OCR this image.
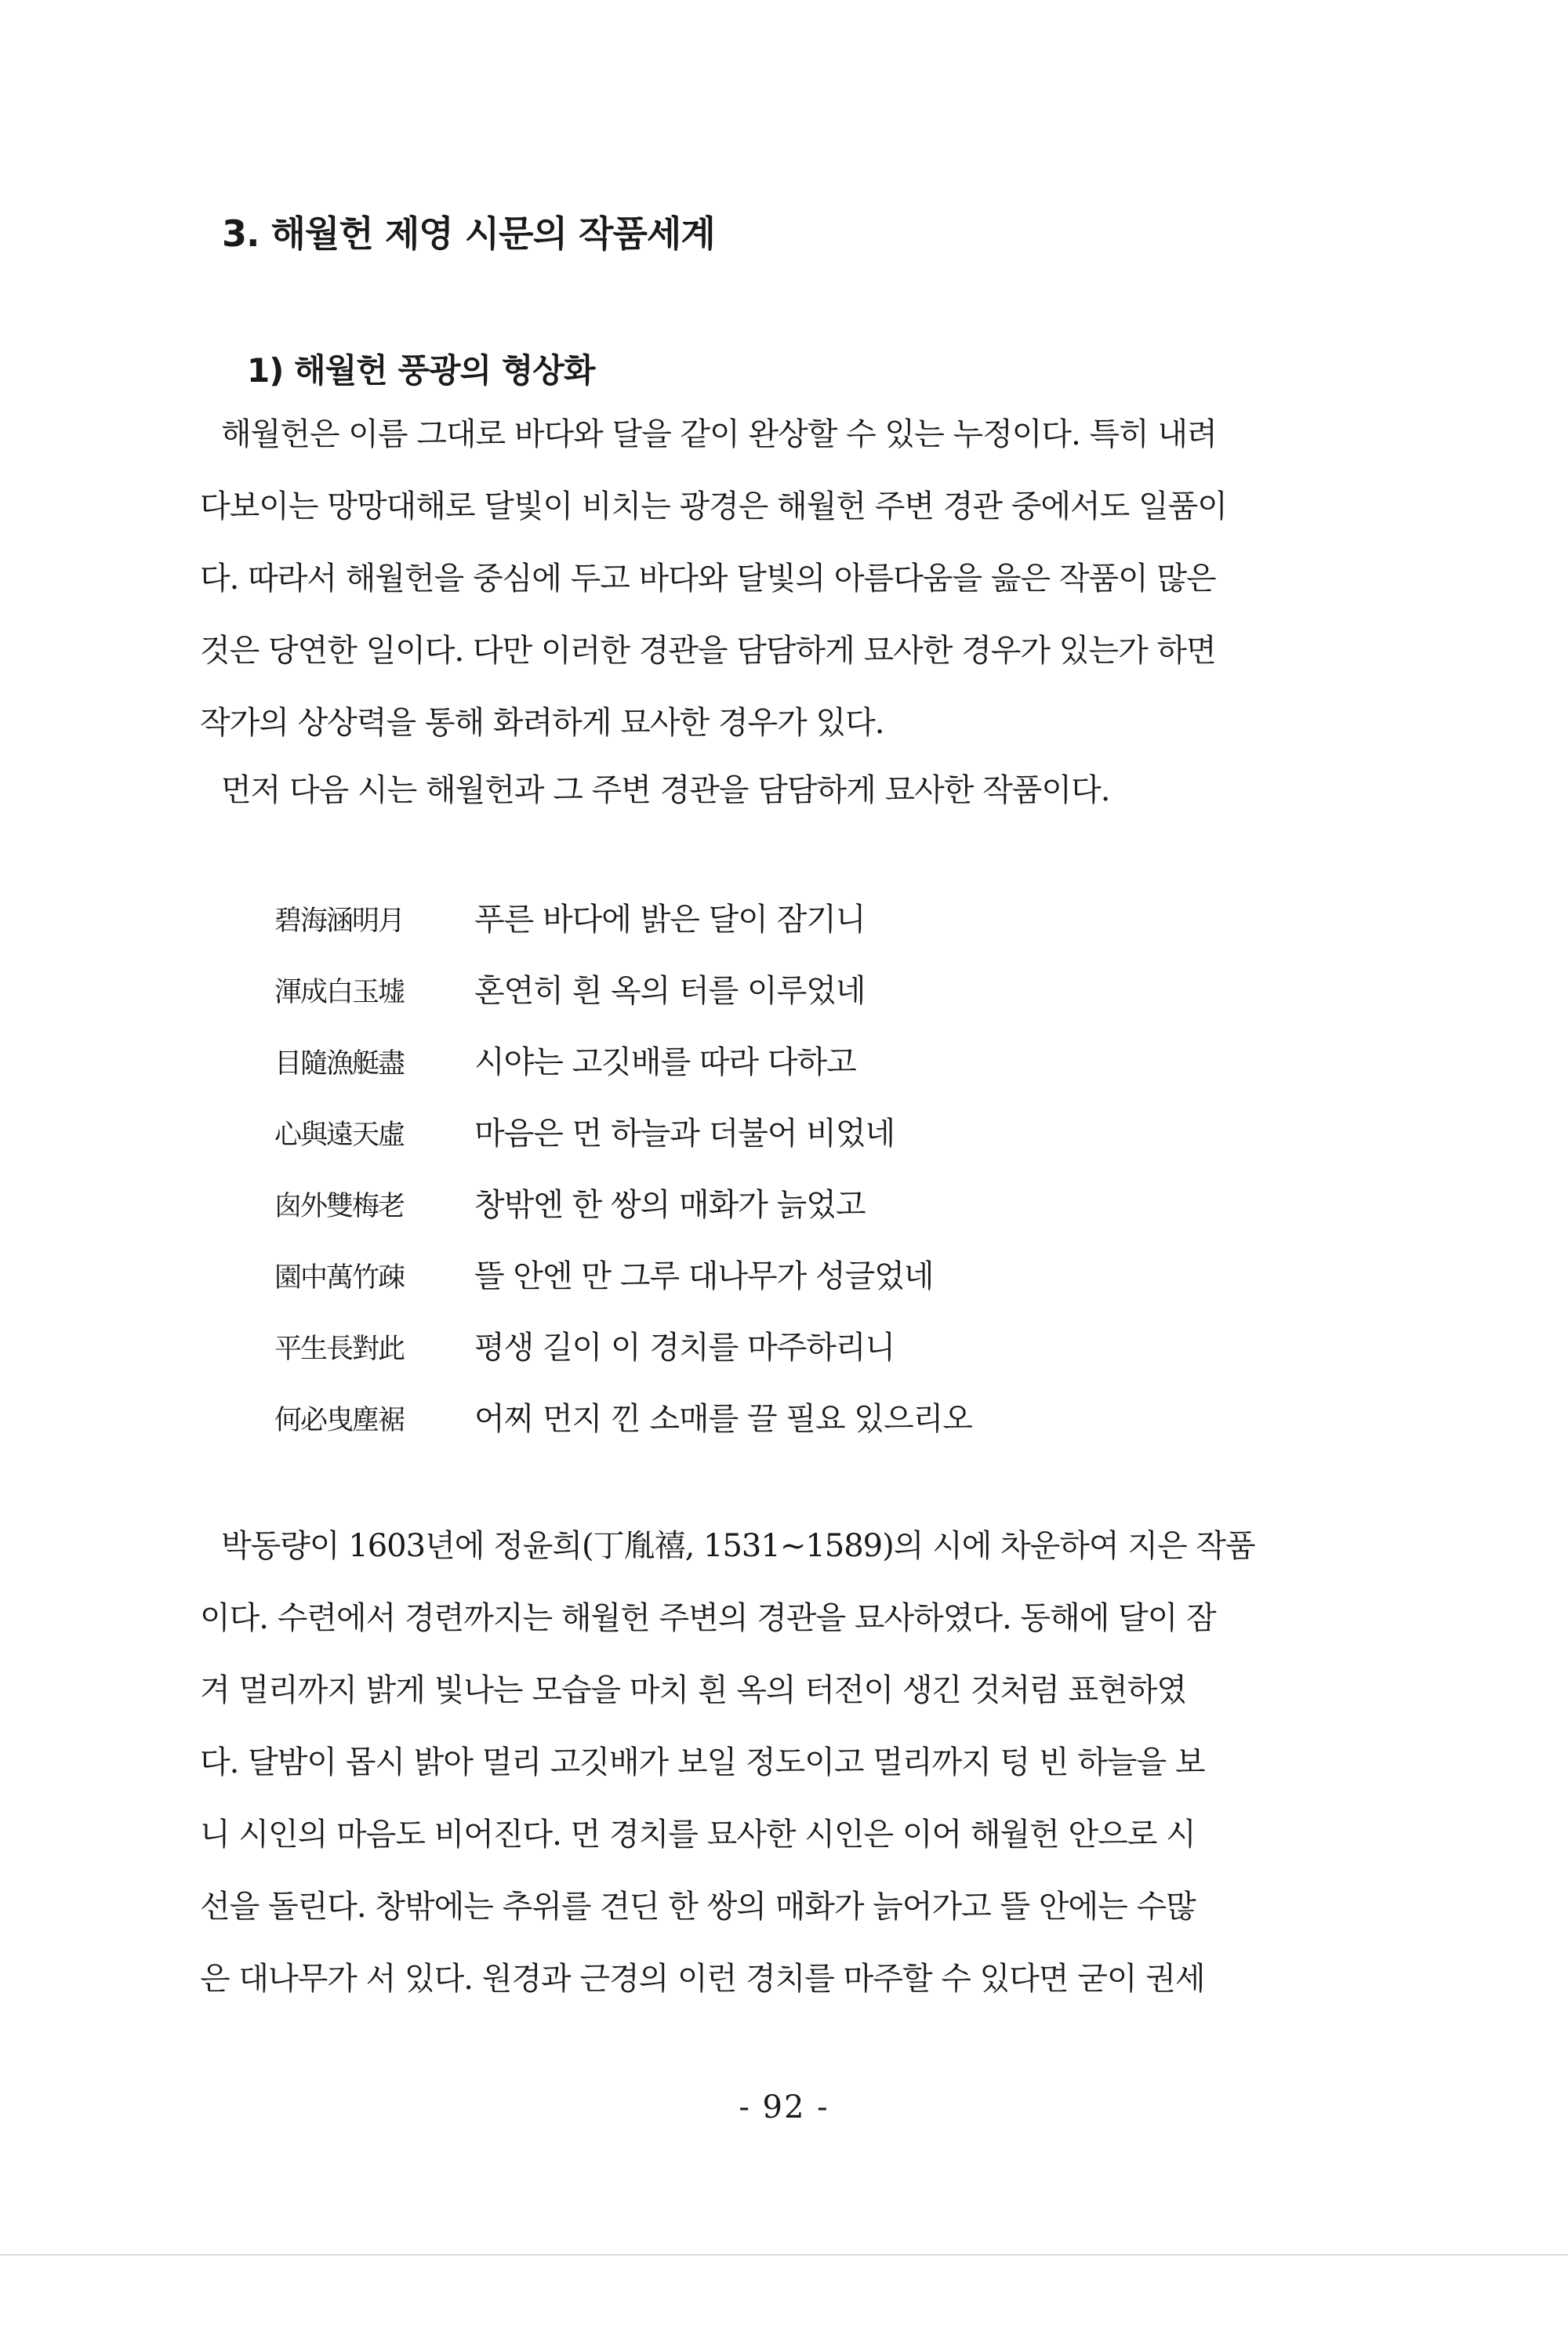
3. 해월헌 제영 시문의 작품세계
1) 해월헌 풍광의 형상화
해월헌은 이름 그대로 바다와 달을 같이 완상할 수 있는 누정이다. 특히 내려
다보이는 망망대해로 달빛이 비치는 광경은 해월헌 주변 경관 중에서도 일품이
다. 따라서 해월헌을 중심에 두고 바다와 달빛의 아름다움을 읊은 작품이 많은
것은 당연한 일이다. 다만 이러한 경관을 담담하게 묘사한 경우가 있는가 하면
작가의 상상력을 통해 화려하게 묘사한 경우가 있다.
먼저 다음 시는 해월헌과 그 주변 경관을 담담하게 묘사한 작품이다.
碧海涵明月 푸른 바다에 밝은 달이 잠기니
渾成白玉墟 혼연히 흰 옥의 터를 이루었네
目隨漁艇盡 시야는 고깃배를 따라 다하고
心與遠天虛 마음은 먼 하늘과 더불어 비었네
囱外雙梅老 창밖엔 한 쌍의 매화가 늙었고
園中萬竹疎 뜰 안엔 만 그루 대나무가 성글었네
平生長對此 평생 길이 이 경치를 마주하리니
何必曳塵裾 어찌 먼지 낀 소매를 끌 필요 있으리오
박동량이 1603년에 정윤희(丁胤禧, 1531~1589)의 시에 차운하여 지은 작품
이다. 수련에서 경련까지는 해월헌 주변의 경관을 묘사하였다. 동해에 달이 잠
겨 멀리까지 밝게 빛나는 모습을 마치 흰 옥의 터전이 생긴 것처럼 표현하였
다. 달밤이 몹시 밝아 멀리 고깃배가 보일 정도이고 멀리까지 텅 빈 하늘을 보
니 시인의 마음도 비어진다. 먼 경치를 묘사한 시인은 이어 해월헌 안으로 시
선을 돌린다. 창밖에는 추위를 견딘 한 쌍의 매화가 늙어가고 뜰 안에는 수많
은 대나무가 서 있다. 원경과 근경의 이런 경치를 마주할 수 있다면 굳이 권세
- 92 -
